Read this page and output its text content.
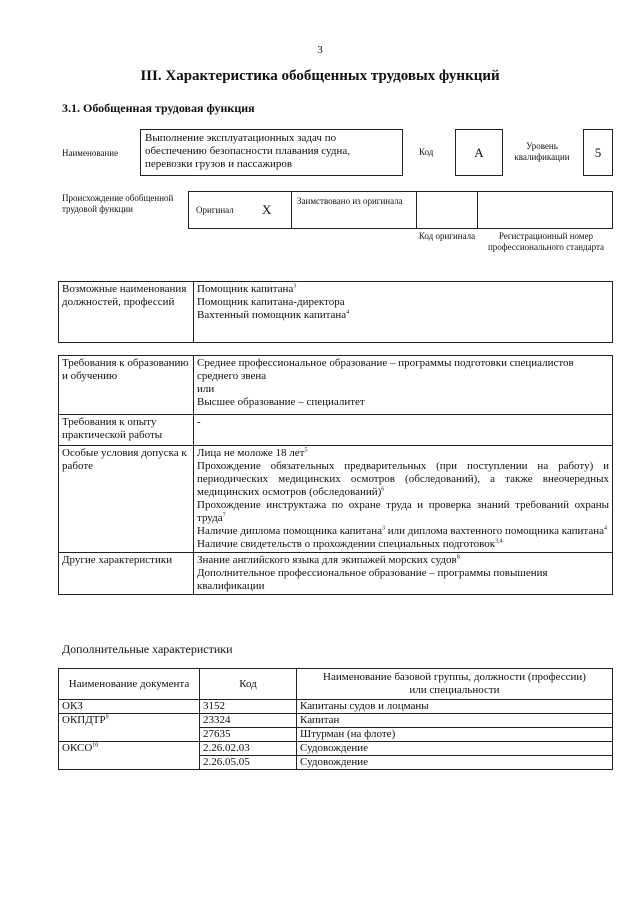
3
III. Характеристика обобщенных трудовых функций
3.1. Обобщенная трудовая функция
Наименование
Выполнение эксплуатационных задач по обеспечению безопасности плавания судна, перевозки грузов и пассажиров
Код	A	Уровень квалификации	5
Происхождение обобщенной трудовой функции	Оригинал X
Заимствовано из оригинала
Код оригинала	Регистрационный номер профессионального стандарта
Возможные наименования должностей, профессий	
Помощник капитана$^3$
Помощник капитана-директора
Вахтенный помощник капитана$^4$
Требования к образованию и обучению	Среднее профессиональное образование – программы подготовки специалистов среднего звена
или
Высшее образование – специалитет

Требования к опыту практической работы	-
Особые условия допуска к работе	Лица не моложе 18 лет$^5$
Прохождение обязательных предварительных (при поступлении на работу) и периодических медицинских осмотров (обследований), а также внеочередных медицинских осмотров (обследований)$^6$
Прохождение инструктажа по охране труда и проверка знаний требований охраны труда$^7$
Наличие диплома помощника капитана$^3$ или диплома вахтенного помощника капитана$^4$
Наличие свидетельств о прохождении специальных подготовок$^{3,4}$

Другие характеристики	Знание английского языка для экипажей морских судов$^8$
Дополнительное профессиональное образование – программы повышения квалификации
Дополнительные характеристики
Наименование документа	Код	Наименование базовой группы, должности (профессии) или специальности
ОКЗ	3152	Капитаны судов и лоцманы
ОКПДТР$^9$	23324	Капитан
	27635	Штурман (на флоте)
ОКСО$^{10}$	2.26.02.03	Судовождение
	2.26.05.05	Судовождение
